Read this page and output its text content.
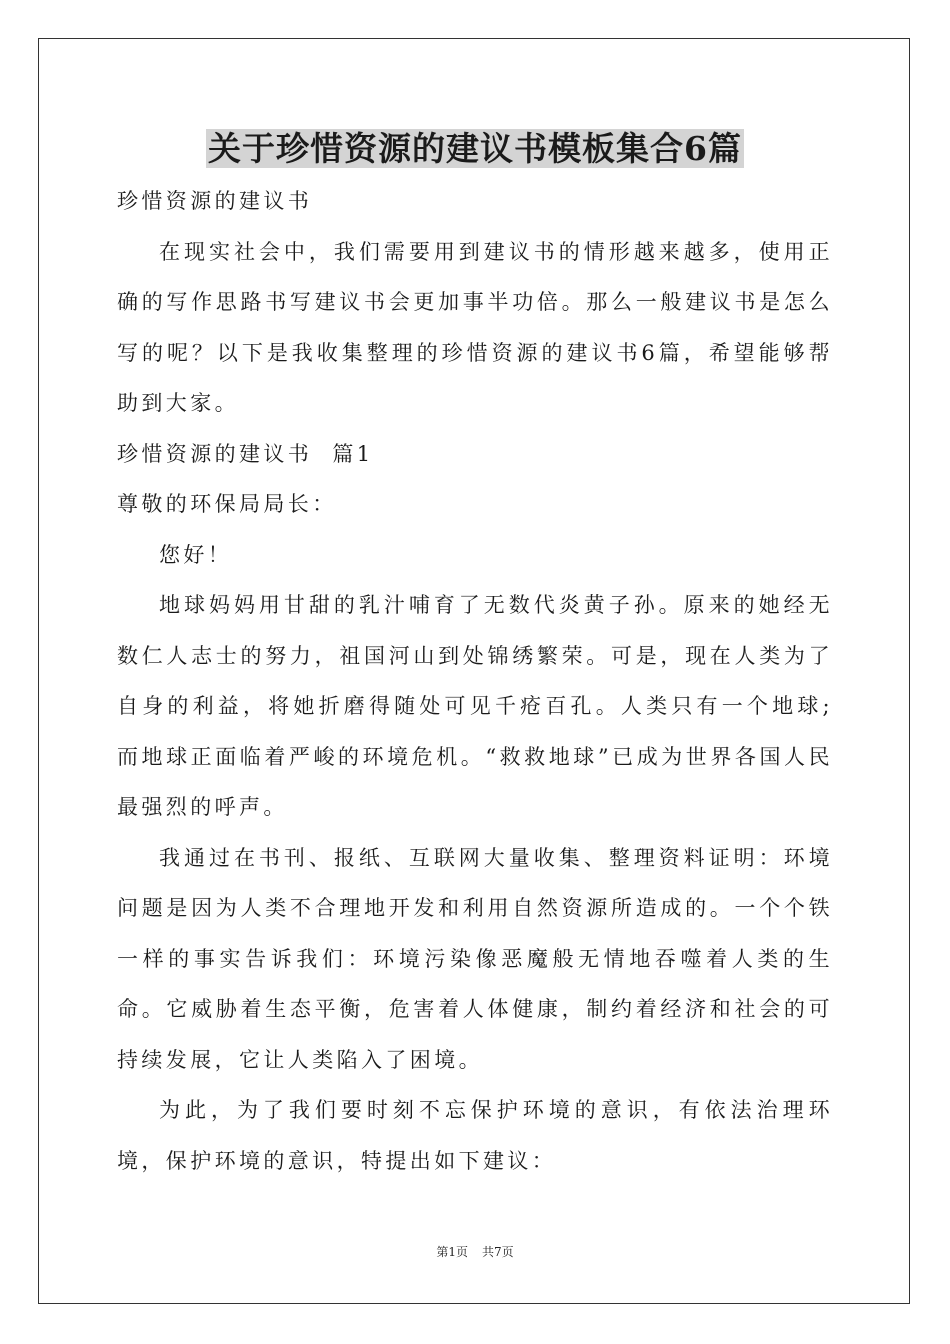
关于珍惜资源的建议书模板集合6篇

珍惜资源的建议书

在现实社会中，我们需要用到建议书的情形越来越多，使用正确的写作思路书写建议书会更加事半功倍。那么一般建议书是怎么写的呢？以下是我收集整理的珍惜资源的建议书6篇，希望能够帮助到大家。

珍惜资源的建议书  篇1

尊敬的环保局局长：

您好！

地球妈妈用甘甜的乳汁哺育了无数代炎黄子孙。原来的她经无数仁人志士的努力，祖国河山到处锦绣繁荣。可是，现在人类为了自身的利益，将她折磨得随处可见千疮百孔。人类只有一个地球;而地球正面临着严峻的环境危机。“救救地球”已成为世界各国人民最强烈的呼声。

我通过在书刊、报纸、互联网大量收集、整理资料证明：环境问题是因为人类不合理地开发和利用自然资源所造成的。一个个铁一样的事实告诉我们：环境污染像恶魔般无情地吞噬着人类的生命。它威胁着生态平衡，危害着人体健康，制约着经济和社会的可持续发展，它让人类陷入了困境。

为此，为了我们要时刻不忘保护环境的意识，有依法治理环境，保护环境的意识，特提出如下建议：

第1页 共7页
